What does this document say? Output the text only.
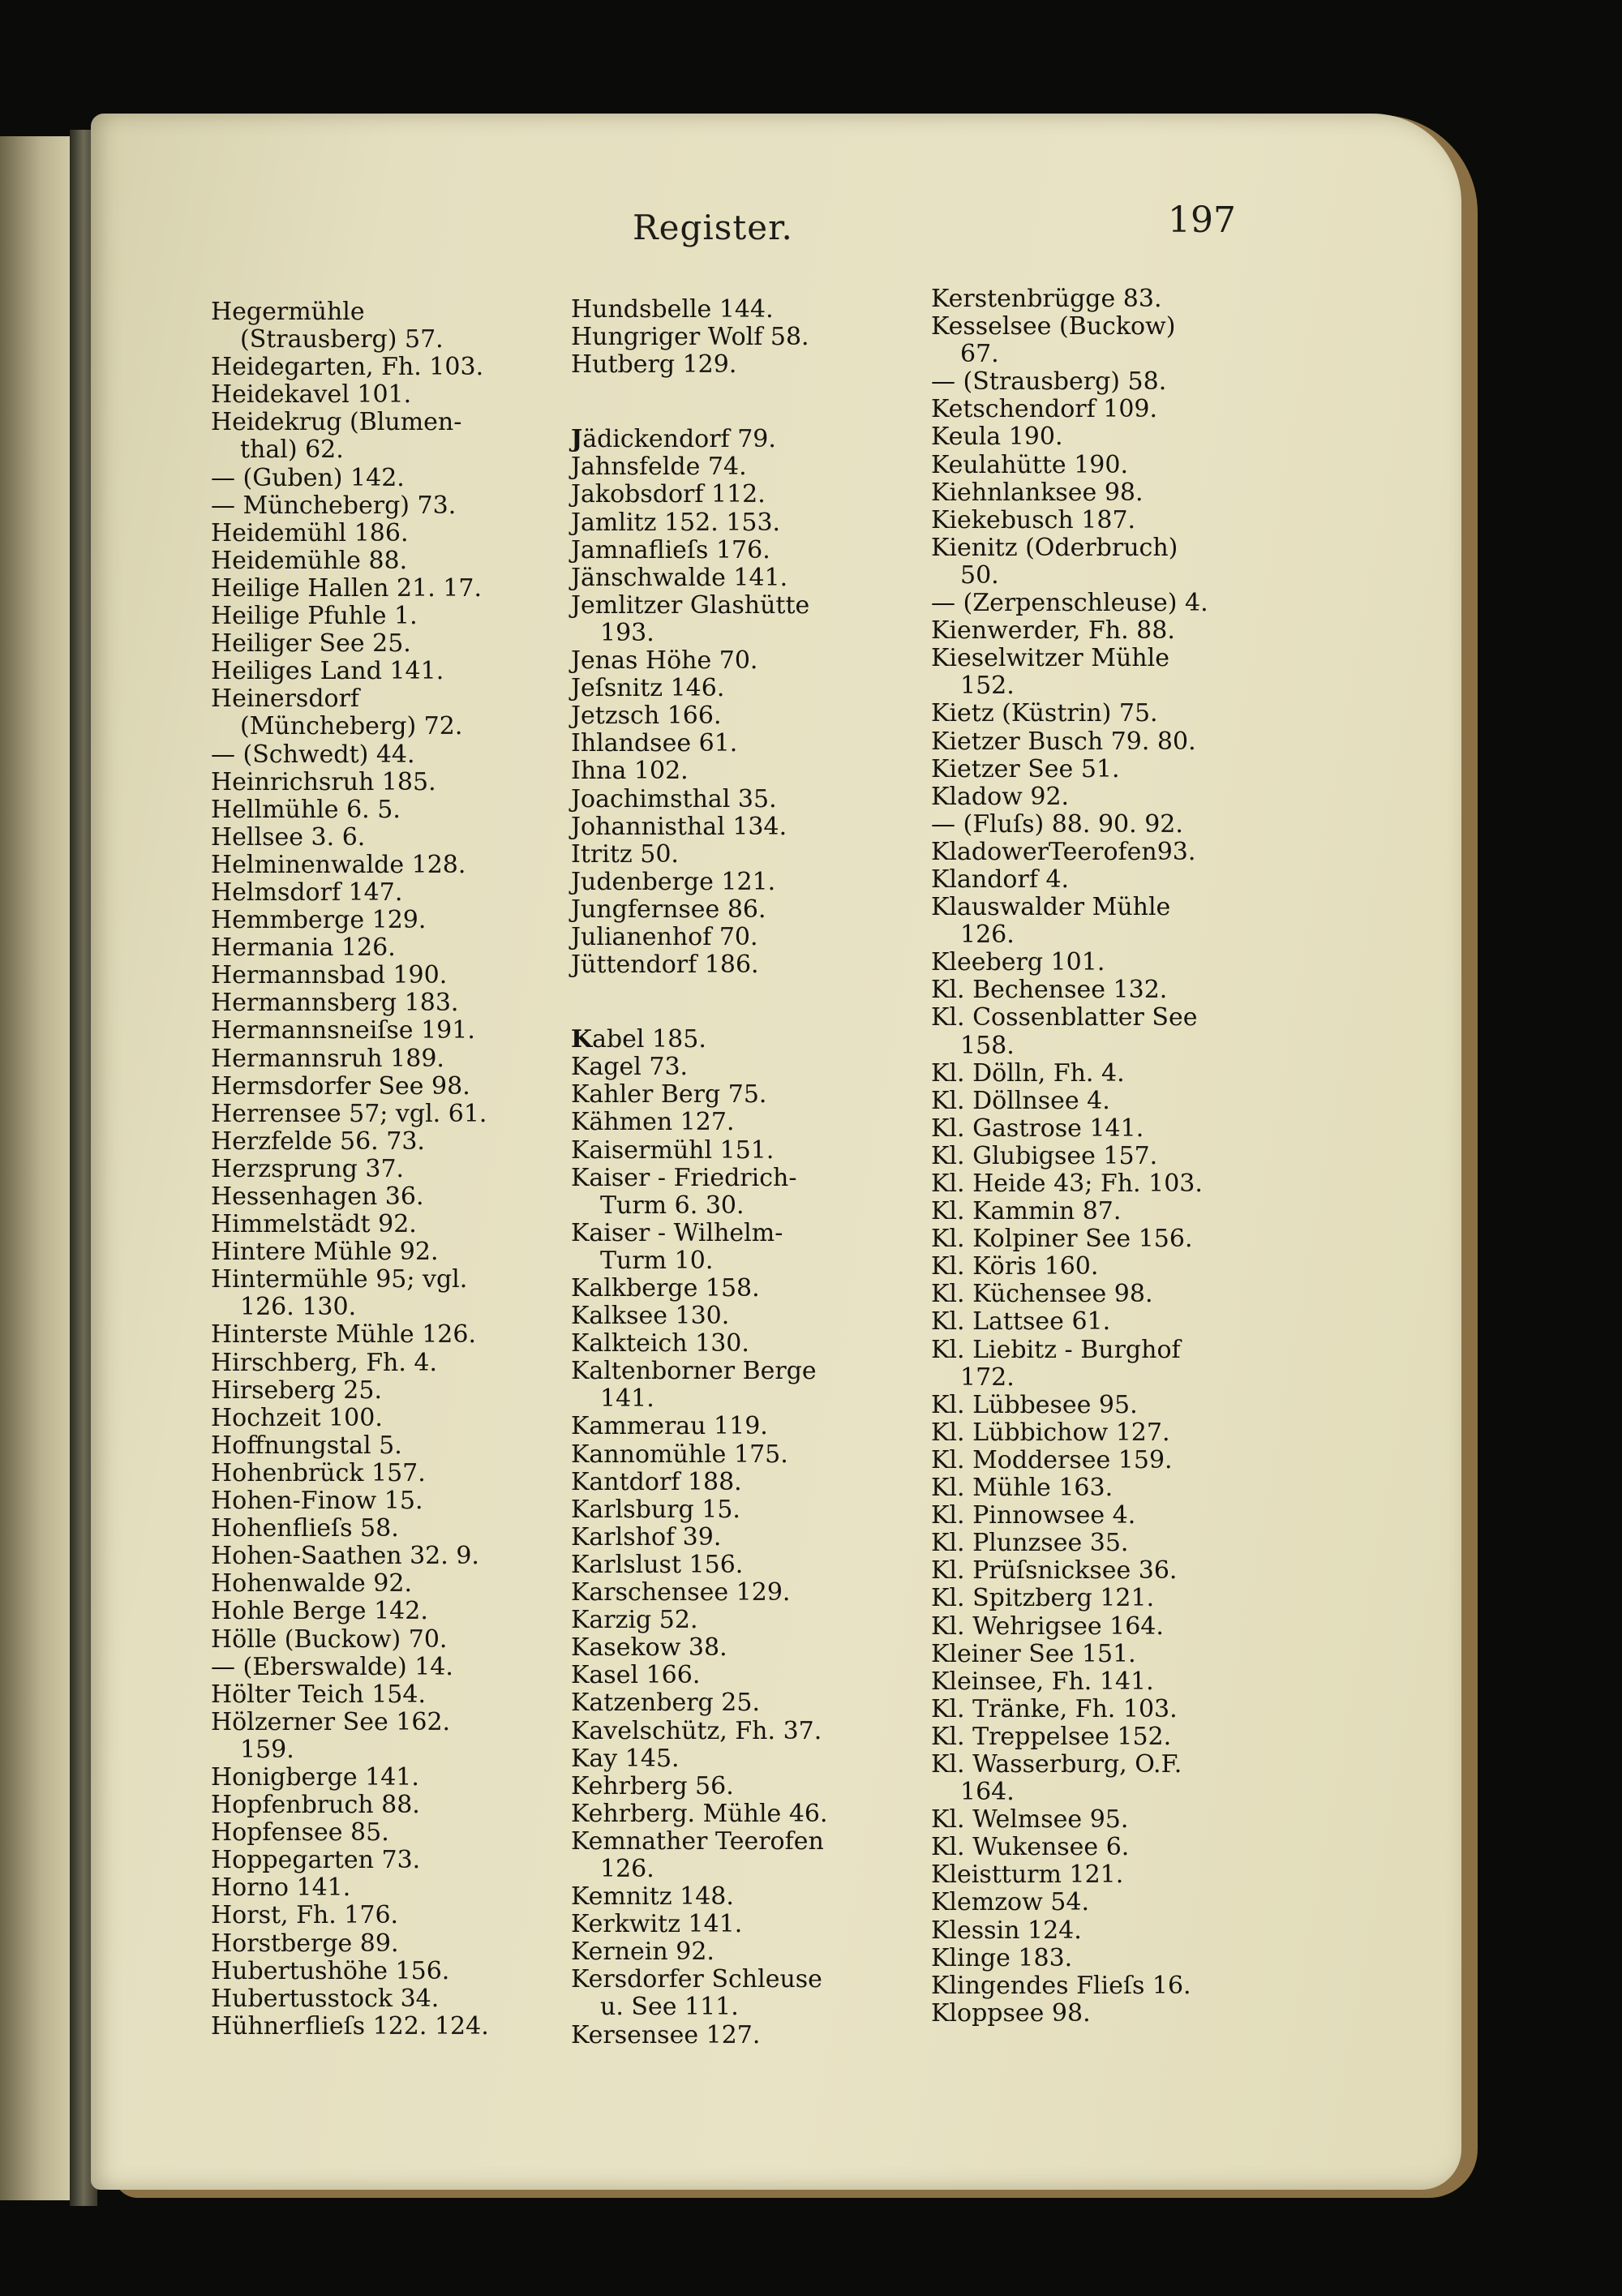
Register.	197
Hegermühle
(Strausberg) 57.
Heidegarten, Fh. 103.
Heidekavel 101.
Heidekrug (Blumen-
thal) 62.
— (Guben) 142.
— Müncheberg) 73.
Heidemühl 186.
Heidemühle 88.
Heilige Hallen 21. 17.
Heilige Pfuhle 1.
Heiliger See 25.
Heiliges Land 141.
Heinersdorf
(Müncheberg) 72.
— (Schwedt) 44.
Heinrichsruh 185.
Hellmühle 6. 5.
Hellsee 3. 6.
Helminenwalde 128.
Helmsdorf 147.
Hemmberge 129.
Hermania 126.
Hermannsbad 190.
Hermannsberg 183.
Hermannsneiſse 191.
Hermannsruh 189.
Hermsdorfer See 98.
Herrensee 57; vgl. 61.
Herzfelde 56. 73.
Herzsprung 37.
Hessenhagen 36.
Himmelstädt 92.
Hintere Mühle 92.
Hintermühle 95; vgl.
126. 130.
Hinterste Mühle 126.
Hirschberg, Fh. 4.
Hirseberg 25.
Hochzeit 100.
Hoffnungstal 5.
Hohenbrück 157.
Hohen-Finow 15.
Hohenflieſs 58.
Hohen-Saathen 32. 9.
Hohenwalde 92.
Hohle Berge 142.
Hölle (Buckow) 70.
— (Eberswalde) 14.
Hölter Teich 154.
Hölzerner See 162.
159.
Honigberge 141.
Hopfenbruch 88.
Hopfensee 85.
Hoppegarten 73.
Horno 141.
Horst, Fh. 176.
Horstberge 89.
Hubertushöhe 156.
Hubertusstock 34.
Hühnerflieſs 122. 124.
Hundsbelle 144.
Hungriger Wolf 58.
Hutberg 129.
Jädickendorf 79.
Jahnsfelde 74.
Jakobsdorf 112.
Jamlitz 152. 153.
Jamnaflieſs 176.
Jänschwalde 141.
Jemlitzer Glashütte
193.
Jenas Höhe 70.
Jeſsnitz 146.
Jetzsch 166.
Ihlandsee 61.
Ihna 102.
Joachimsthal 35.
Johannisthal 134.
Itritz 50.
Judenberge 121.
Jungfernsee 86.
Julianenhof 70.
Jüttendorf 186.
Kabel 185.
Kagel 73.
Kahler Berg 75.
Kähmen 127.
Kaisermühl 151.
Kaiser - Friedrich-
Turm 6. 30.
Kaiser - Wilhelm-
Turm 10.
Kalkberge 158.
Kalksee 130.
Kalkteich 130.
Kaltenborner Berge
141.
Kammerau 119.
Kannomühle 175.
Kantdorf 188.
Karlsburg 15.
Karlshof 39.
Karlslust 156.
Karschensee 129.
Karzig 52.
Kasekow 38.
Kasel 166.
Katzenberg 25.
Kavelschütz, Fh. 37.
Kay 145.
Kehrberg 56.
Kehrberg. Mühle 46.
Kemnather Teerofen
126.
Kemnitz 148.
Kerkwitz 141.
Kernein 92.
Kersdorfer Schleuse
u. See 111.
Kersensee 127.
Kerstenbrügge 83.
Kesselsee (Buckow)
67.
— (Strausberg) 58.
Ketschendorf 109.
Keula 190.
Keulahütte 190.
Kiehnlanksee 98.
Kiekebusch 187.
Kienitz (Oderbruch)
50.
— (Zerpenschleuse) 4.
Kienwerder, Fh. 88.
Kieselwitzer Mühle
152.
Kietz (Küstrin) 75.
Kietzer Busch 79. 80.
Kietzer See 51.
Kladow 92.
— (Fluſs) 88. 90. 92.
KladowerTeerofen93.
Klandorf 4.
Klauswalder Mühle
126.
Kleeberg 101.
Kl. Bechensee 132.
Kl. Cossenblatter See
158.
Kl. Dölln, Fh. 4.
Kl. Döllnsee 4.
Kl. Gastrose 141.
Kl. Glubigsee 157.
Kl. Heide 43; Fh. 103.
Kl. Kammin 87.
Kl. Kolpiner See 156.
Kl. Köris 160.
Kl. Küchensee 98.
Kl. Lattsee 61.
Kl. Liebitz - Burghof
172.
Kl. Lübbesee 95.
Kl. Lübbichow 127.
Kl. Moddersee 159.
Kl. Mühle 163.
Kl. Pinnowsee 4.
Kl. Plunzsee 35.
Kl. Prüſsnicksee 36.
Kl. Spitzberg 121.
Kl. Wehrigsee 164.
Kleiner See 151.
Kleinsee, Fh. 141.
Kl. Tränke, Fh. 103.
Kl. Treppelsee 152.
Kl. Wasserburg, O.F.
164.
Kl. Welmsee 95.
Kl. Wukensee 6.
Kleistturm 121.
Klemzow 54.
Klessin 124.
Klinge 183.
Klingendes Flieſs 16.
Kloppsee 98.
